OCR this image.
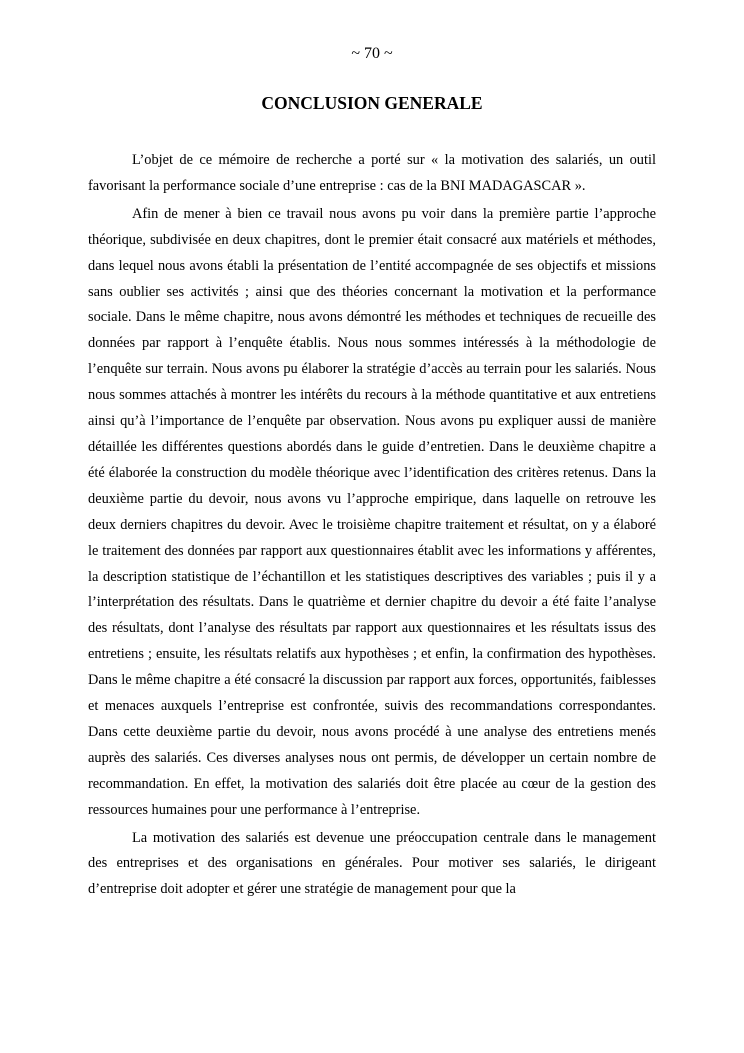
~ 70 ~
CONCLUSION GENERALE

L’objet de ce mémoire de recherche a porté sur « la motivation des salariés, un outil favorisant la performance sociale d’une entreprise : cas de la BNI MADAGASCAR ».

Afin de mener à bien ce travail nous avons pu voir dans la première partie l’approche théorique, subdivisée en deux chapitres, dont le premier était consacré aux matériels et méthodes, dans lequel nous avons établi la présentation de l’entité accompagnée de ses objectifs et missions sans oublier ses activités ; ainsi que des théories concernant la motivation et la performance sociale. Dans le même chapitre, nous avons démontré les méthodes et techniques de recueille des données par rapport à l’enquête établis. Nous nous sommes intéressés à la méthodologie de l’enquête sur terrain. Nous avons pu élaborer la stratégie d’accès au terrain pour les salariés. Nous nous sommes attachés à montrer les intérêts du recours à la méthode quantitative et aux entretiens ainsi qu’à l’importance de l’enquête par observation. Nous avons pu expliquer aussi de manière détaillée les différentes questions abordés dans le guide d’entretien. Dans le deuxième chapitre a été élaborée la construction du modèle théorique avec l’identification des critères retenus. Dans la deuxième partie du devoir, nous avons vu l’approche empirique, dans laquelle on retrouve les deux derniers chapitres du devoir. Avec le troisième chapitre traitement et résultat, on y a élaboré le traitement des données par rapport aux questionnaires établit avec les informations y afférentes, la description statistique de l’échantillon et les statistiques descriptives des variables ; puis il y a l’interprétation des résultats. Dans le quatrième et dernier chapitre du devoir a été faite l’analyse des résultats, dont l’analyse des résultats par rapport aux questionnaires et les résultats issus des entretiens ; ensuite, les résultats relatifs aux hypothèses ; et enfin, la confirmation des hypothèses. Dans le même chapitre a été consacré la discussion par rapport aux forces, opportunités, faiblesses et menaces auxquels l’entreprise est confrontée, suivis des recommandations correspondantes. Dans cette deuxième partie du devoir, nous avons procédé à une analyse des entretiens menés auprès des salariés. Ces diverses analyses nous ont permis, de développer un certain nombre de recommandation. En effet, la motivation des salariés doit être placée au cœur de la gestion des ressources humaines pour une performance à l’entreprise.

La motivation des salariés est devenue une préoccupation centrale dans le management des entreprises et des organisations en générales. Pour motiver ses salariés, le dirigeant d’entreprise doit adopter et gérer une stratégie de management pour que la
